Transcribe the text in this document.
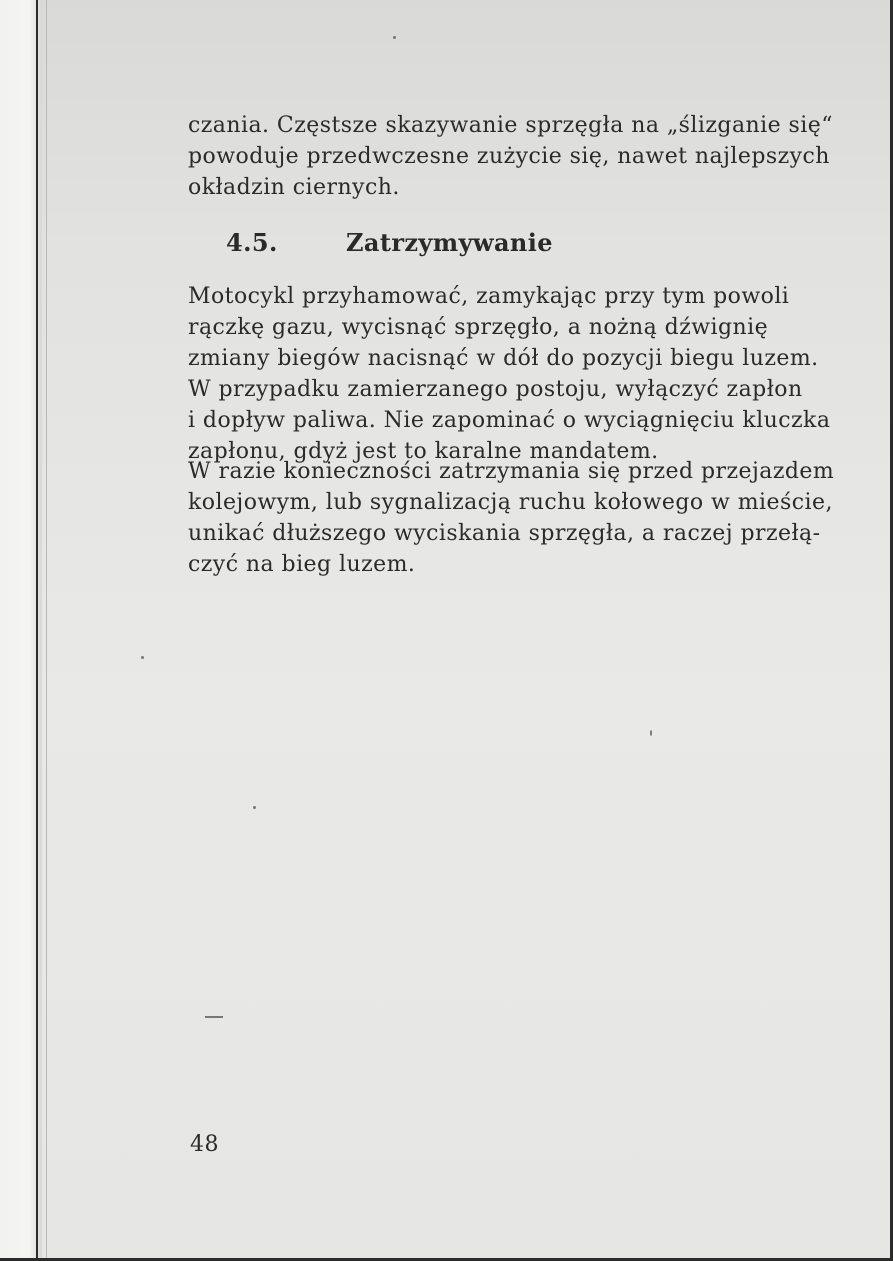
czania. Częstsze skazywanie sprzęgła na „ślizganie się“
powoduje przedwczesne zużycie się, nawet najlepszych
okładzin ciernych.
4.5.	Zatrzymywanie
Motocykl przyhamować, zamykając przy tym powoli
rączkę gazu, wycisnąć sprzęgło, a nożną dźwignię
zmiany biegów nacisnąć w dół do pozycji biegu luzem.
W przypadku zamierzanego postoju, wyłączyć zapłon
i dopływ paliwa. Nie zapominać o wyciągnięciu kluczka
zapłonu, gdyż jest to karalne mandatem.
W razie konieczności zatrzymania się przed przejazdem
kolejowym, lub sygnalizacją ruchu kołowego w mieście,
unikać dłuższego wyciskania sprzęgła, a raczej przełą-
czyć na bieg luzem.
48
